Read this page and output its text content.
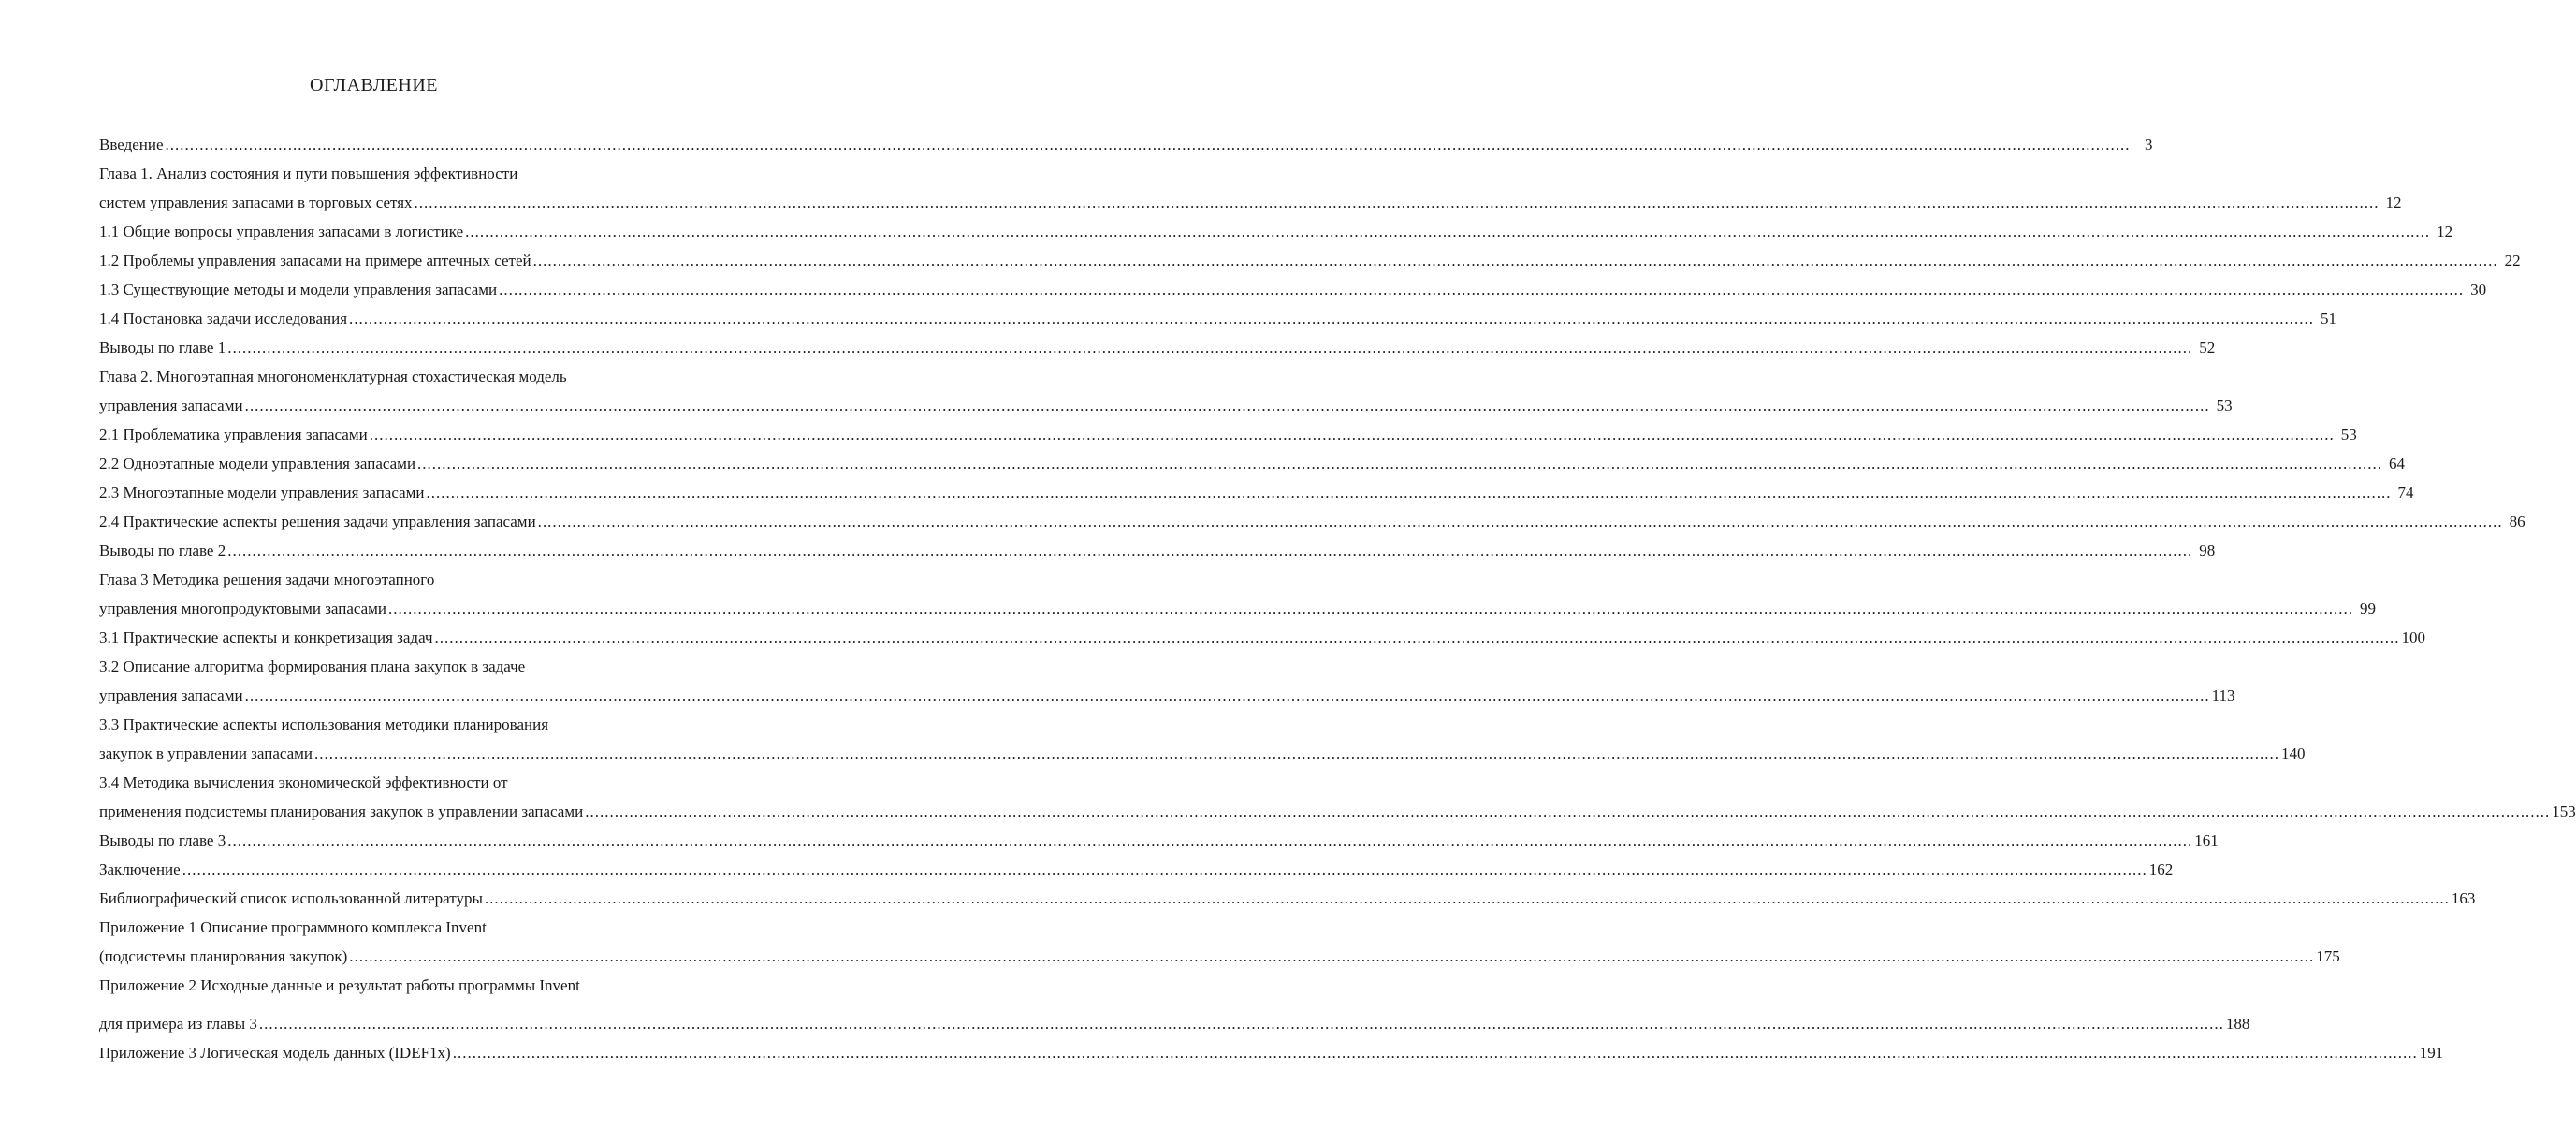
ОГЛАВЛЕНИЕ
Введение ................................................................................................................................................................................................................................................................................................................................................................................................................ 3
Глава 1. Анализ состояния и пути повышения эффективности
систем управления запасами в торговых сетях ................................................................................................................................................................................................................................................................................................................................................................................................................ 12
1.1 Общие вопросы управления запасами в логистике ................................................................................................................................................................................................................................................................................................................................................................................................................ 12
1.2 Проблемы управления запасами на примере аптечных сетей ................................................................................................................................................................................................................................................................................................................................................................................................................ 22
1.3 Существующие методы и модели управления запасами ................................................................................................................................................................................................................................................................................................................................................................................................................ 30
1.4 Постановка задачи исследования ................................................................................................................................................................................................................................................................................................................................................................................................................ 51
Выводы по главе 1 ................................................................................................................................................................................................................................................................................................................................................................................................................ 52
Глава 2. Многоэтапная многономенклатурная стохастическая модель
управления запасами ................................................................................................................................................................................................................................................................................................................................................................................................................ 53
2.1 Проблематика управления запасами ................................................................................................................................................................................................................................................................................................................................................................................................................ 53
2.2 Одноэтапные модели управления запасами ................................................................................................................................................................................................................................................................................................................................................................................................................ 64
2.3 Многоэтапные модели управления запасами ................................................................................................................................................................................................................................................................................................................................................................................................................ 74
2.4 Практические аспекты решения задачи управления запасами ................................................................................................................................................................................................................................................................................................................................................................................................................ 86
Выводы по главе 2 ................................................................................................................................................................................................................................................................................................................................................................................................................ 98
Глава 3 Методика решения задачи многоэтапного
управления многопродуктовыми запасами ................................................................................................................................................................................................................................................................................................................................................................................................................ 99
3.1 Практические аспекты и конкретизация задач ................................................................................................................................................................................................................................................................................................................................................................................................................ 100
3.2 Описание алгоритма формирования плана закупок в задаче
управления запасами ................................................................................................................................................................................................................................................................................................................................................................................................................ 113
3.3 Практические аспекты использования методики планирования
закупок в управлении запасами ................................................................................................................................................................................................................................................................................................................................................................................................................ 140
3.4 Методика вычисления экономической эффективности от
применения подсистемы планирования закупок в управлении запасами ................................................................................................................................................................................................................................................................................................................................................................................................................ 153
Выводы по главе 3 ................................................................................................................................................................................................................................................................................................................................................................................................................ 161
Заключение ................................................................................................................................................................................................................................................................................................................................................................................................................ 162
Библиографический список использованной литературы ................................................................................................................................................................................................................................................................................................................................................................................................................ 163
Приложение 1 Описание программного комплекса Invent
(подсистемы планирования закупок) ................................................................................................................................................................................................................................................................................................................................................................................................................ 175
Приложение 2 Исходные данные и результат работы программы Invent
для примера из главы 3 ................................................................................................................................................................................................................................................................................................................................................................................................................ 188
Приложение 3 Логическая модель данных (IDEF1x) ................................................................................................................................................................................................................................................................................................................................................................................................................ 191
